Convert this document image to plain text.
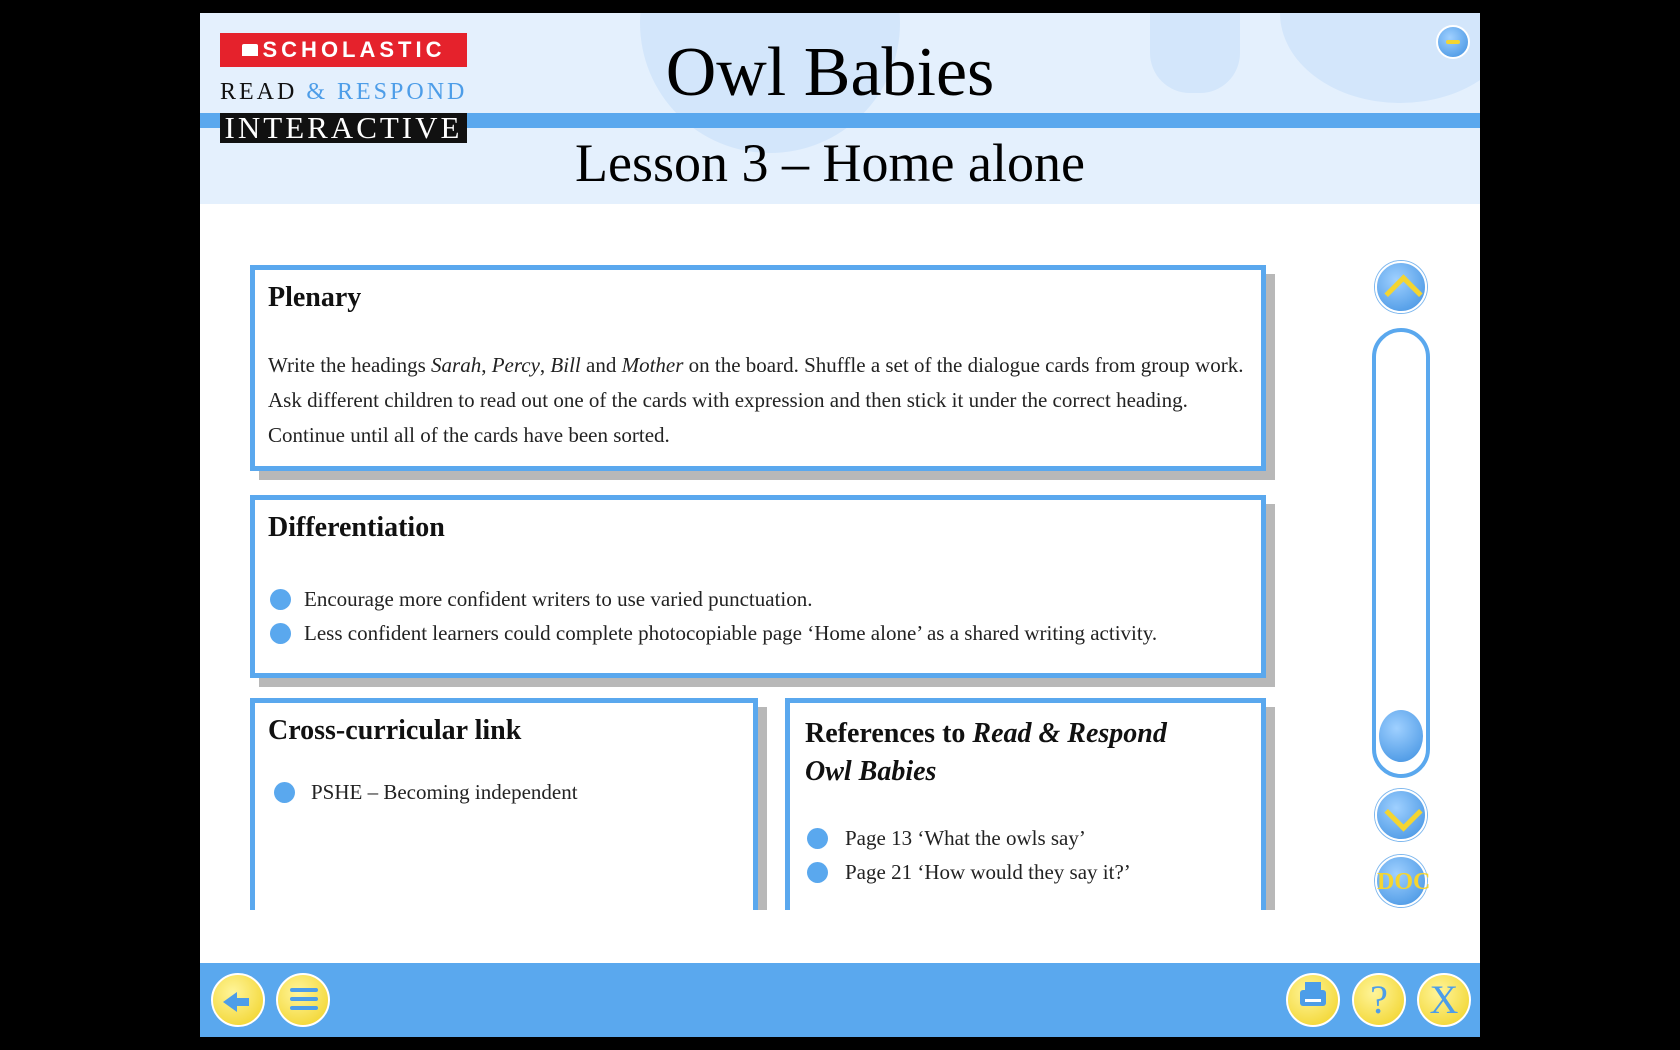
SCHOLASTIC
READ & RESPOND
INTERACTIVE
Owl Babies
Lesson 3 – Home alone
Plenary

Write the headings Sarah, Percy, Bill and Mother on the board. Shuffle a set of the dialogue cards from group work. Ask different children to read out one of the cards with expression and then stick it under the correct heading. Continue until all of the cards have been sorted.

Differentiation
Encourage more confident writers to use varied punctuation.
Less confident learners could complete photocopiable page ‘Home alone’ as a shared writing activity.
Cross-curricular link
PSHE – Becoming independent
References to Read & Respond Owl Babies
Page 13 ‘What the owls say’
Page 21 ‘How would they say it?’	DOC
?	X
